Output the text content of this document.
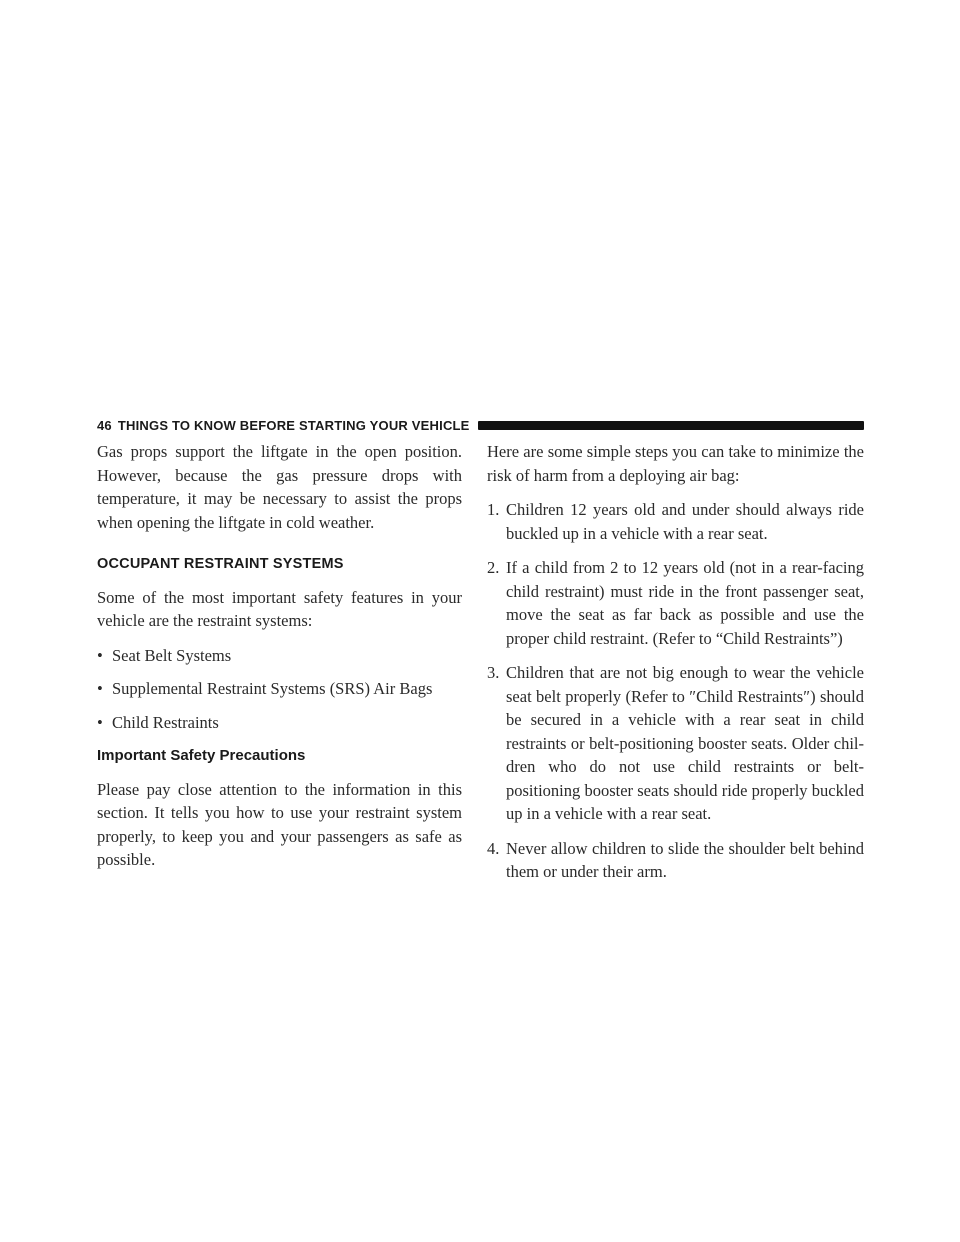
46 THINGS TO KNOW BEFORE STARTING YOUR VEHICLE

Gas props support the liftgate in the open position. However, because the gas pressure drops with temperature, it may be necessary to assist the props when opening the liftgate in cold weather.

OCCUPANT RESTRAINT SYSTEMS

Some of the most important safety features in your vehicle are the restraint systems:

• Seat Belt Systems
• Supplemental Restraint Systems (SRS) Air Bags
• Child Restraints
Important Safety Precautions

Please pay close attention to the information in this section. It tells you how to use your restraint system properly, to keep you and your passengers as safe as possible.

Here are some simple steps you can take to minimize the risk of harm from a deploying air bag:

1. Children 12 years old and under should always ride buckled up in a vehicle with a rear seat.
2. If a child from 2 to 12 years old (not in a rear-facing child restraint) must ride in the front passenger seat, move the seat as far back as possible and use the proper child restraint. (Refer to “Child Restraints”)
3. Children that are not big enough to wear the vehicle seat belt properly (Refer to ″Child Restraints″) should be secured in a vehicle with a rear seat in child restraints or belt-positioning booster seats. Older children who do not use child restraints or belt-positioning booster seats should ride properly buckled up in a vehicle with a rear seat.
4. Never allow children to slide the shoulder belt behind them or under their arm.
